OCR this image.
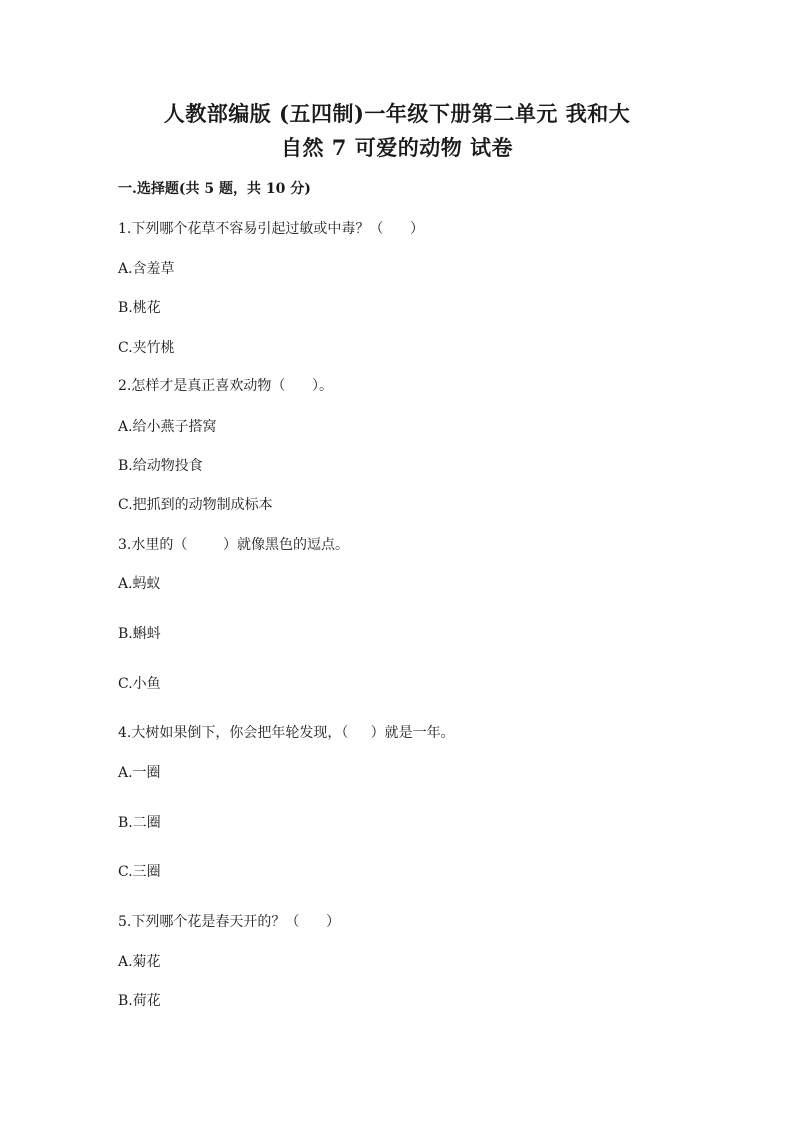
人教部编版 (五四制)一年级下册第二单元 我和大
自然 7 可爱的动物 试卷
一.选择题(共 5 题，共 10 分)
1.下列哪个花草不容易引起过敏或中毒？（      ）
A.含羞草
B.桃花
C.夹竹桃
2.怎样才是真正喜欢动物（      ）。
A.给小燕子搭窝
B.给动物投食
C.把抓到的动物制成标本
3.水里的（        ）就像黑色的逗点。
A.蚂蚁
B.蝌蚪
C.小鱼
4.大树如果倒下，你会把年轮发现，（     ）就是一年。
A.一圈
B.二圈
C.三圈
5.下列哪个花是春天开的？（      ）
A.菊花
B.荷花
